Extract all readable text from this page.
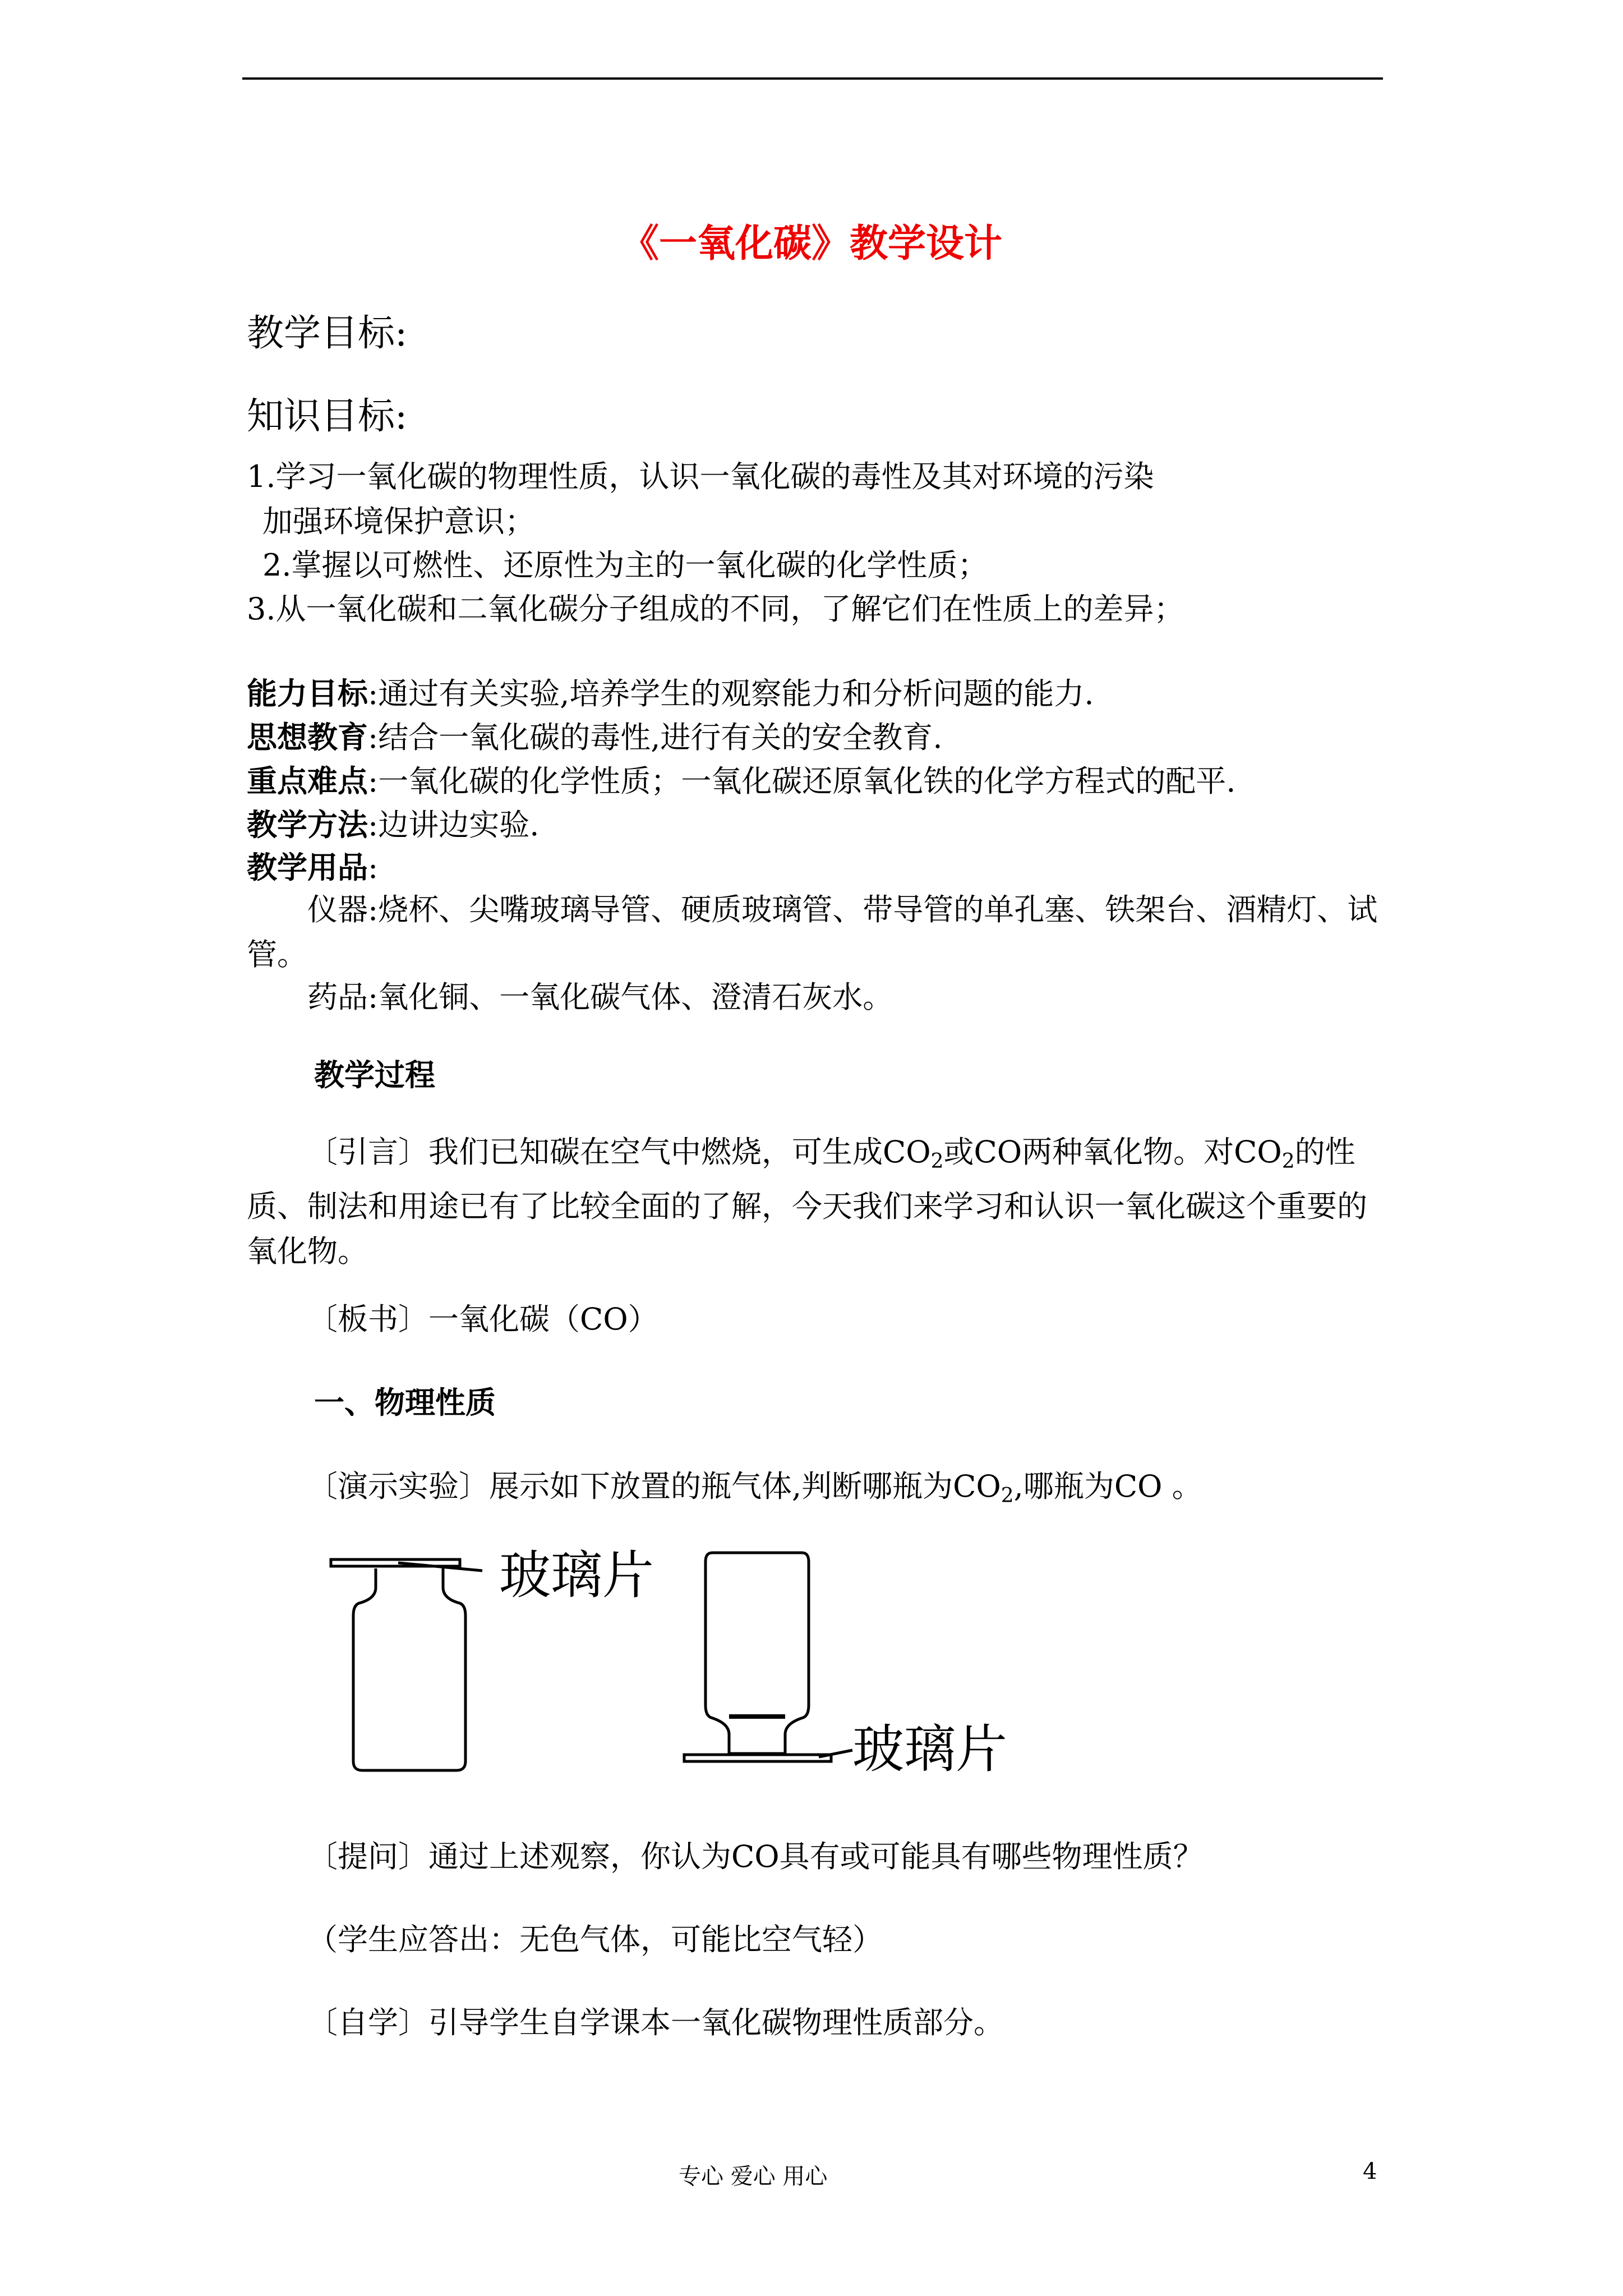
《一氧化碳》教学设计
教学目标:
知识目标:
1.学习一氧化碳的物理性质，认识一氧化碳的毒性及其对环境的污染
加强环境保护意识；
2.掌握以可燃性、还原性为主的一氧化碳的化学性质；
3.从一氧化碳和二氧化碳分子组成的不同，了解它们在性质上的差异；
能力目标:通过有关实验,培养学生的观察能力和分析问题的能力.
思想教育:结合一氧化碳的毒性,进行有关的安全教育.
重点难点:一氧化碳的化学性质；一氧化碳还原氧化铁的化学方程式的配平.
教学方法:边讲边实验.
教学用品:
仪器:烧杯、尖嘴玻璃导管、硬质玻璃管、带导管的单孔塞、铁架台、酒精灯、试管。
药品:氧化铜、一氧化碳气体、澄清石灰水。
教学过程
〔引言〕我们已知碳在空气中燃烧，可生成$CO_2$或CO两种氧化物。对$CO_2$的性质、制法和用途已有了比较全面的了解，今天我们来学习和认识一氧化碳这个重要的氧化物。
〔板书〕一氧化碳（CO）
一、物理性质
〔演示实验〕展示如下放置的瓶气体,判断哪瓶为$CO_2$,哪瓶为CO 。
玻璃片
玻璃片
〔提问〕通过上述观察，你认为CO具有或可能具有哪些物理性质？
（学生应答出：无色气体，可能比空气轻）
〔自学〕引导学生自学课本一氧化碳物理性质部分。
专心 爱心 用心	4
